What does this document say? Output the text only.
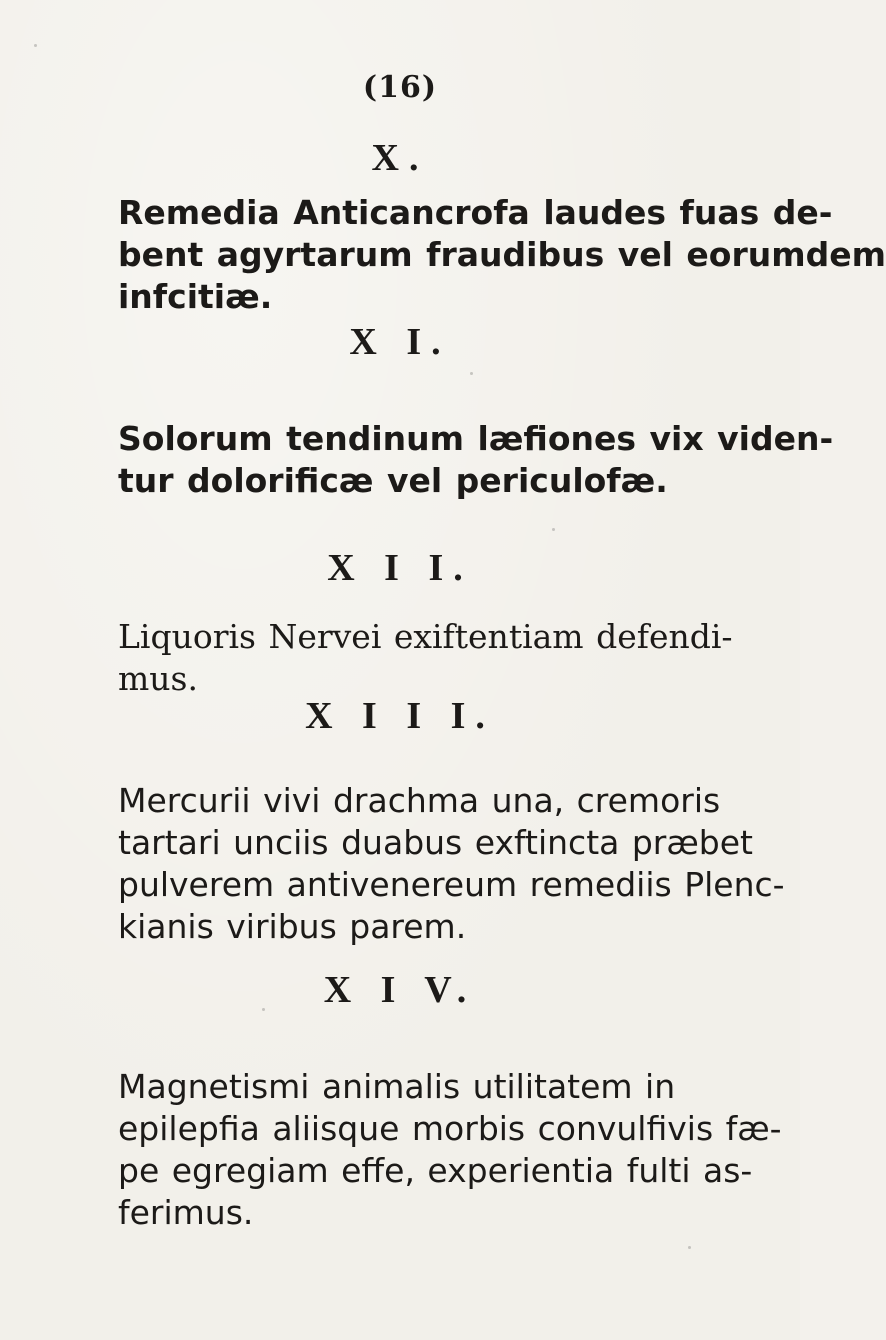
(16)
X.
Remedia Anticancrofa laudes fuas de-
bent agyrtarum fraudibus vel eorumdem
infcitiæ.
X I.
Solorum tendinum læfiones vix viden-
tur dolorificæ vel periculofæ.
X I I.
Liquoris Nervei exiftentiam defendi-
mus.
X I I I.
Mercurii vivi drachma una, cremoris
tartari unciis duabus exftincta præbet
pulverem antivenereum remediis Plenc-
kianis viribus parem.
X I V.
Magnetismi animalis utilitatem in
epilepfia aliisque morbis convulfivis fæ-
pe egregiam effe, experientia fulti as-
ferimus.
